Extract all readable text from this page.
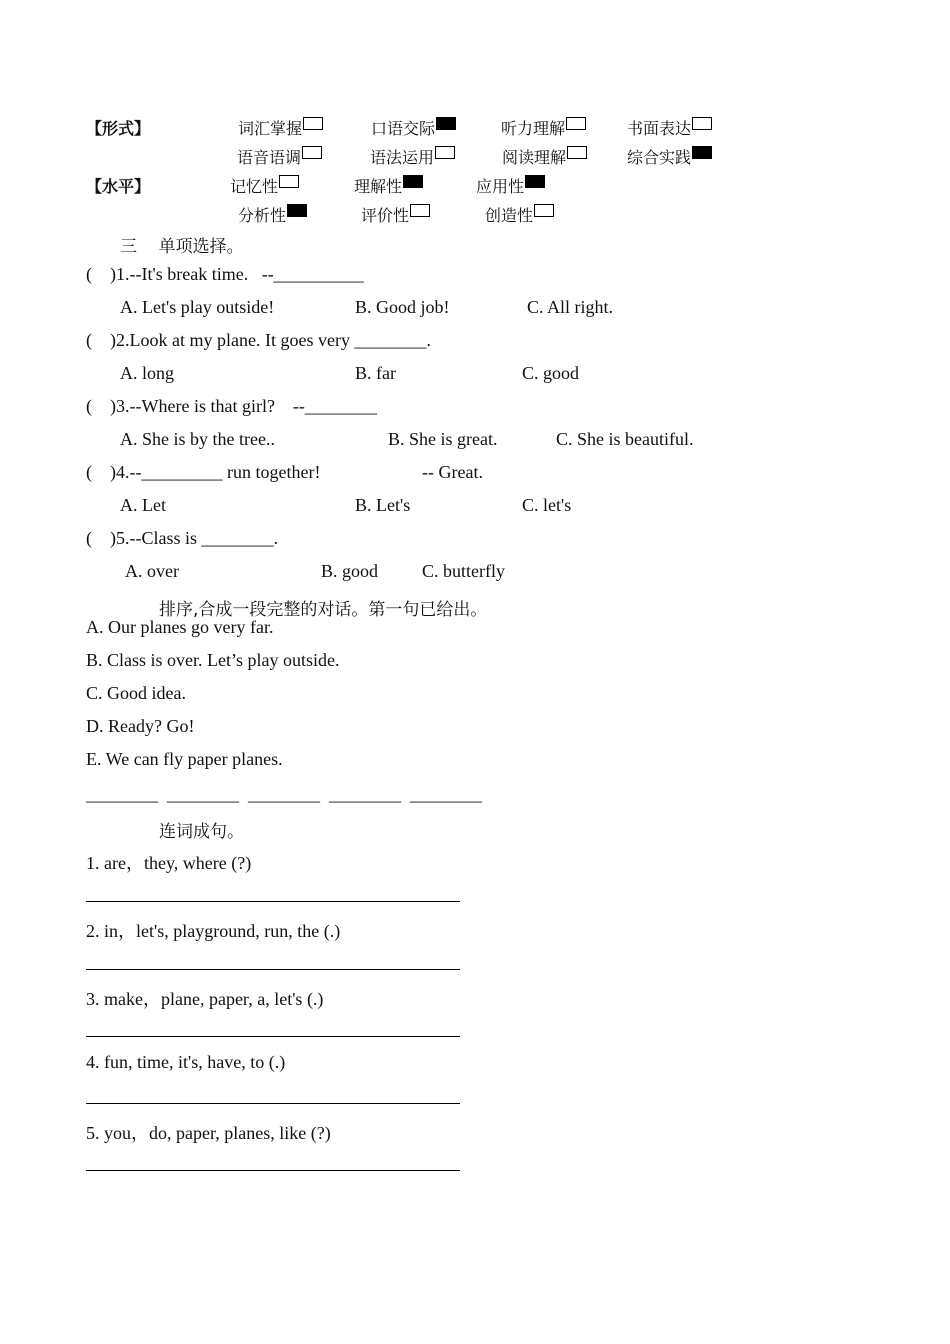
【形式】	词汇掌握	口语交际	听力理解	书面表达
语音语调	语法运用	阅读理解	综合实践
【水平】	记忆性	理解性	应用性
分析性	评价性	创造性
三    单项选择。
(    )1.--It's break time.   --__________
A. Let's play outside!	B. Good job!	C. All right.
(    )2.Look at my plane. It goes very ________.
A. long	B. far	C. good
(    )3.--Where is that girl?    --________
A. She is by the tree..	B. She is great.	C. She is beautiful.
(    )4.--_________ run together!	-- Great.
A. Let	B. Let's	C. let's
(    )5.--Class is ________.
A. over	B. good C. butterfly
排序,合成一段完整的对话。第一句已给出。
A. Our planes go very far.
B. Class is over. Let’s play outside.
C. Good idea.
D. Ready? Go!
E. We can fly paper planes.
________  ________  ________  ________  ________
连词成句。
1. are，they, where (?)
2. in，let's, playground, run, the (.)
3. make，plane, paper, a, let's (.)
4. fun, time, it's, have, to (.)
5. you，do, paper, planes, like (?)
